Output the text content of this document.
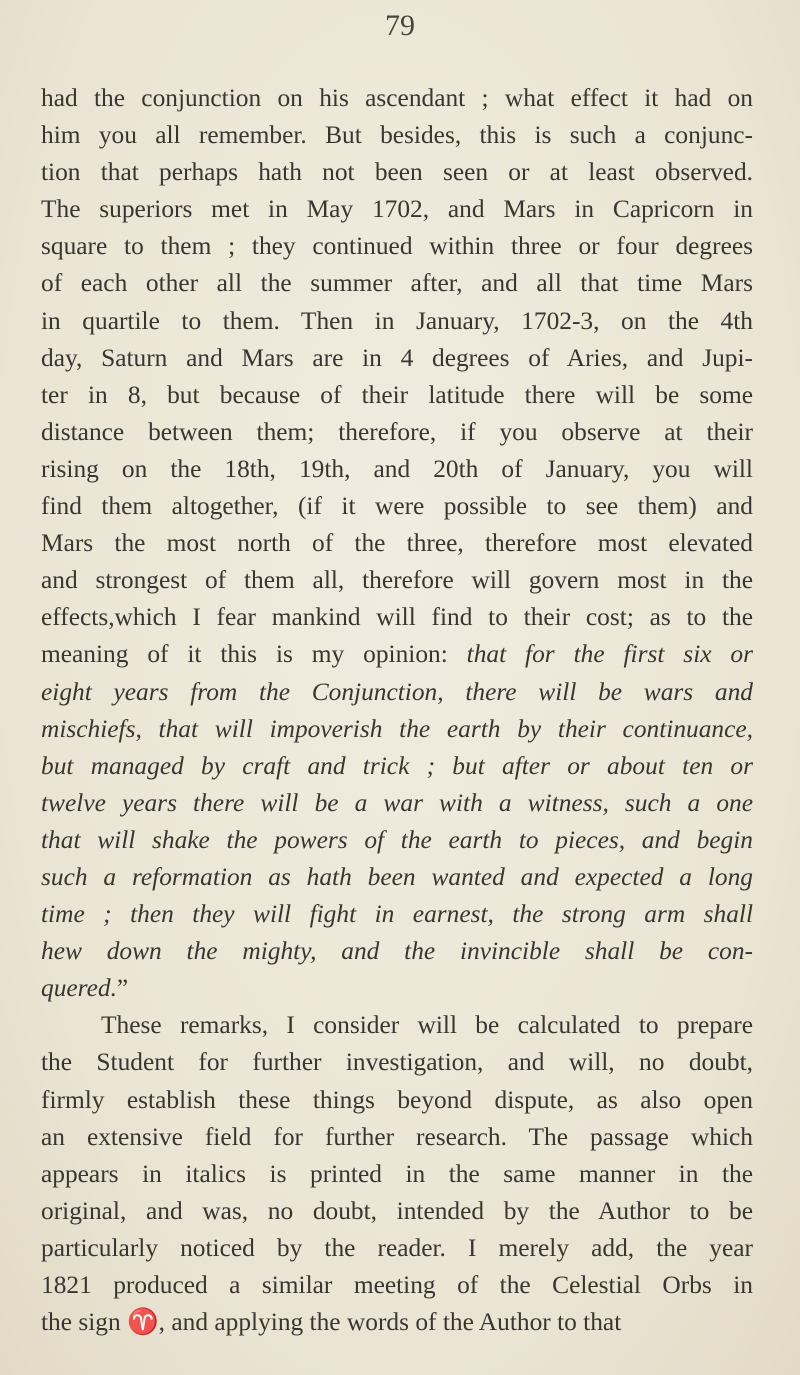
79
had the conjunction on his ascendant ; what effect it had on
him you all remember. But besides, this is such a conjunc-
tion that perhaps hath not been seen or at least observed.
The superiors met in May 1702, and Mars in Capricorn in
square to them ; they continued within three or four degrees
of each other all the summer after, and all that time Mars
in quartile to them. Then in January, 1702-3, on the 4th
day, Saturn and Mars are in 4 degrees of Aries, and Jupi-
ter in 8, but because of their latitude there will be some
distance between them; therefore, if you observe at their
rising on the 18th, 19th, and 20th of January, you will
find them altogether, (if it were possible to see them) and
Mars the most north of the three, therefore most elevated
and strongest of them all, therefore will govern most in the
effects,which I fear mankind will find to their cost; as to the
meaning of it this is my opinion: that for the first six or
eight years from the Conjunction, there will be wars and
mischiefs, that will impoverish the earth by their continuance,
but managed by craft and trick ; but after or about ten or
twelve years there will be a war with a witness, such a one
that will shake the powers of the earth to pieces, and begin
such a reformation as hath been wanted and expected a long
time ; then they will fight in earnest, the strong arm shall
hew down the mighty, and the invincible shall be con-
quered.”
These remarks, I consider will be calculated to prepare
the Student for further investigation, and will, no doubt,
firmly establish these things beyond dispute, as also open
an extensive field for further research. The passage which
appears in italics is printed in the same manner in the
original, and was, no doubt, intended by the Author to be
particularly noticed by the reader. I merely add, the year
1821 produced a similar meeting of the Celestial Orbs in
the sign ♈, and applying the words of the Author to that
